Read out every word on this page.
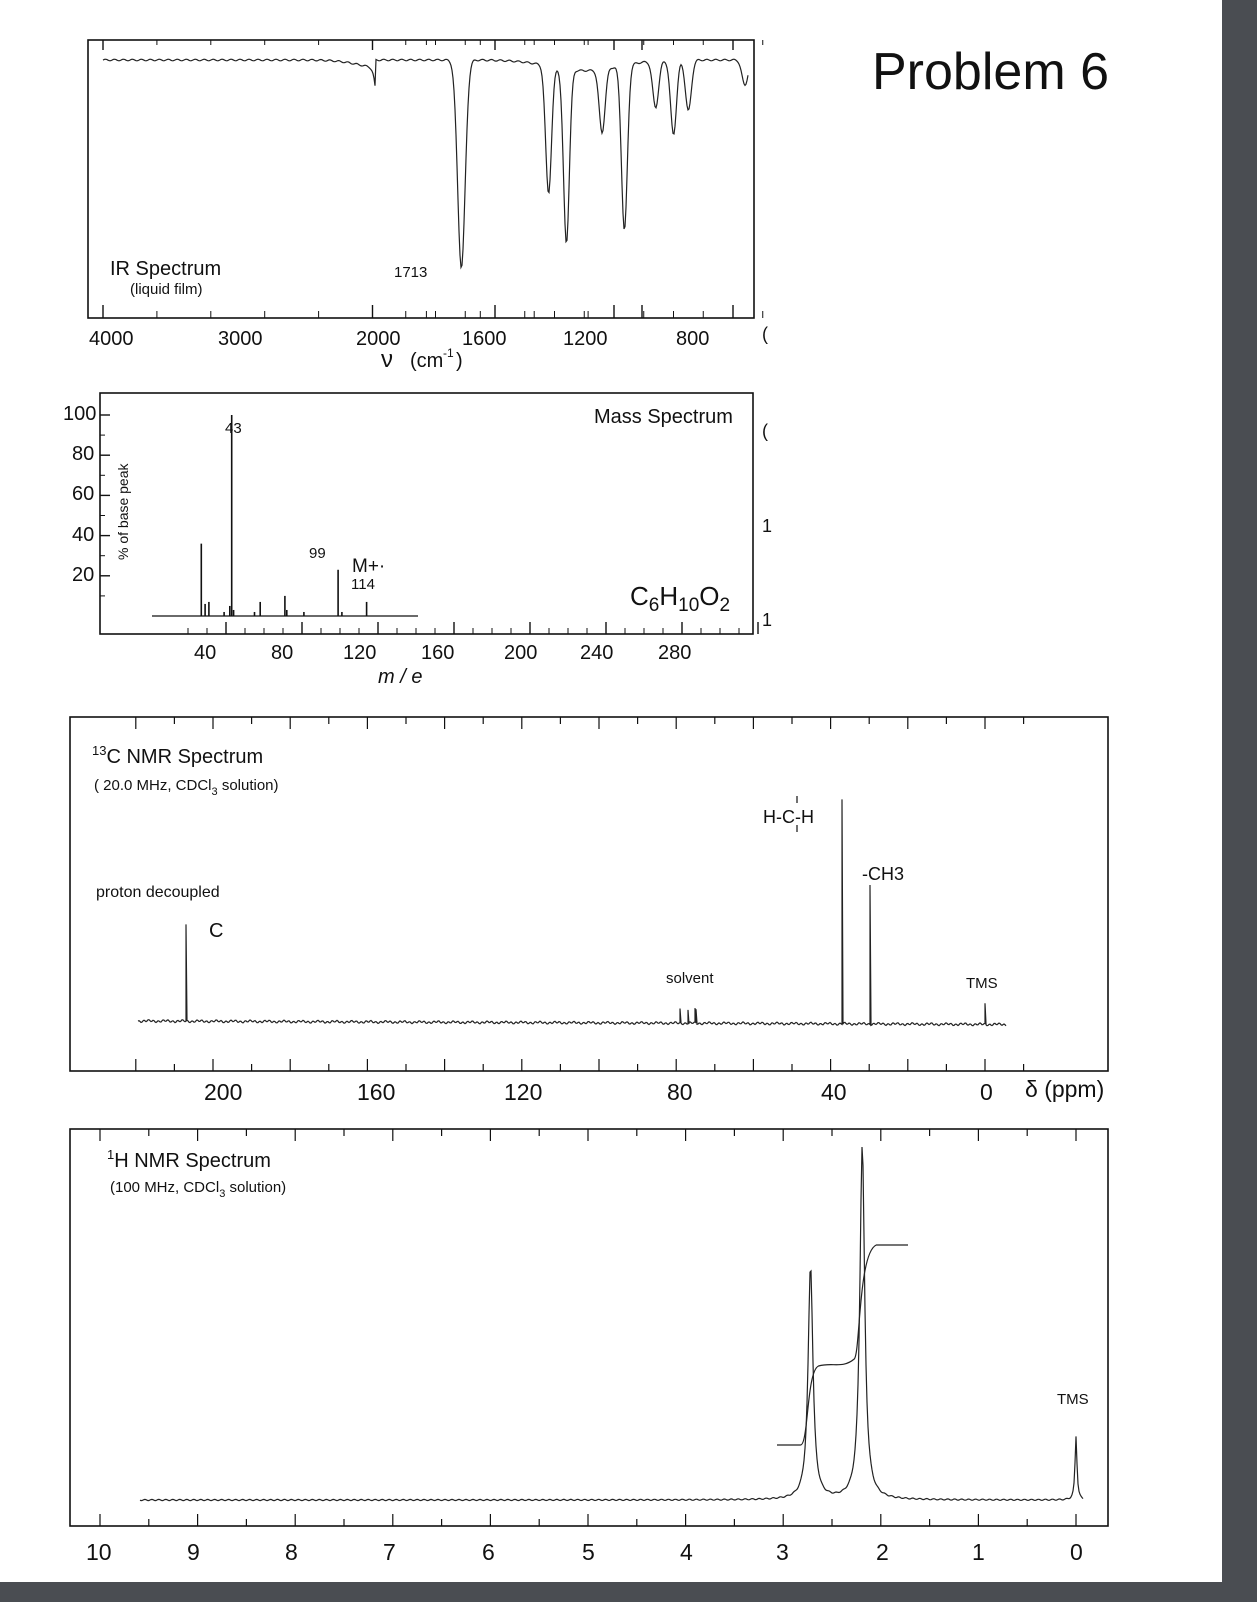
Problem 6
IR Spectrum
(liquid film)
1713
4000	3000	2000	1600	1200	800	(
ν (cm -1 )
Mass Spectrum
43
99
M+·
114	$C_6H_{10}O_2$
100
80
60
40
20
% of base peak
40	80 120 160 200 240 280
m / e
(
1
1
$^{13}$C NMR Spectrum
( 20.0 MHz, CDCl$_3$ solution)
proton decoupled
C
solvent	TMS
H-C-H
-CH3
200	160	120	80	40	0 δ (ppm)
$^1$H NMR Spectrum
(100 MHz, CDCl$_3$ solution)
TMS
10	9	8	7	6	5	4	3	2	1	0
